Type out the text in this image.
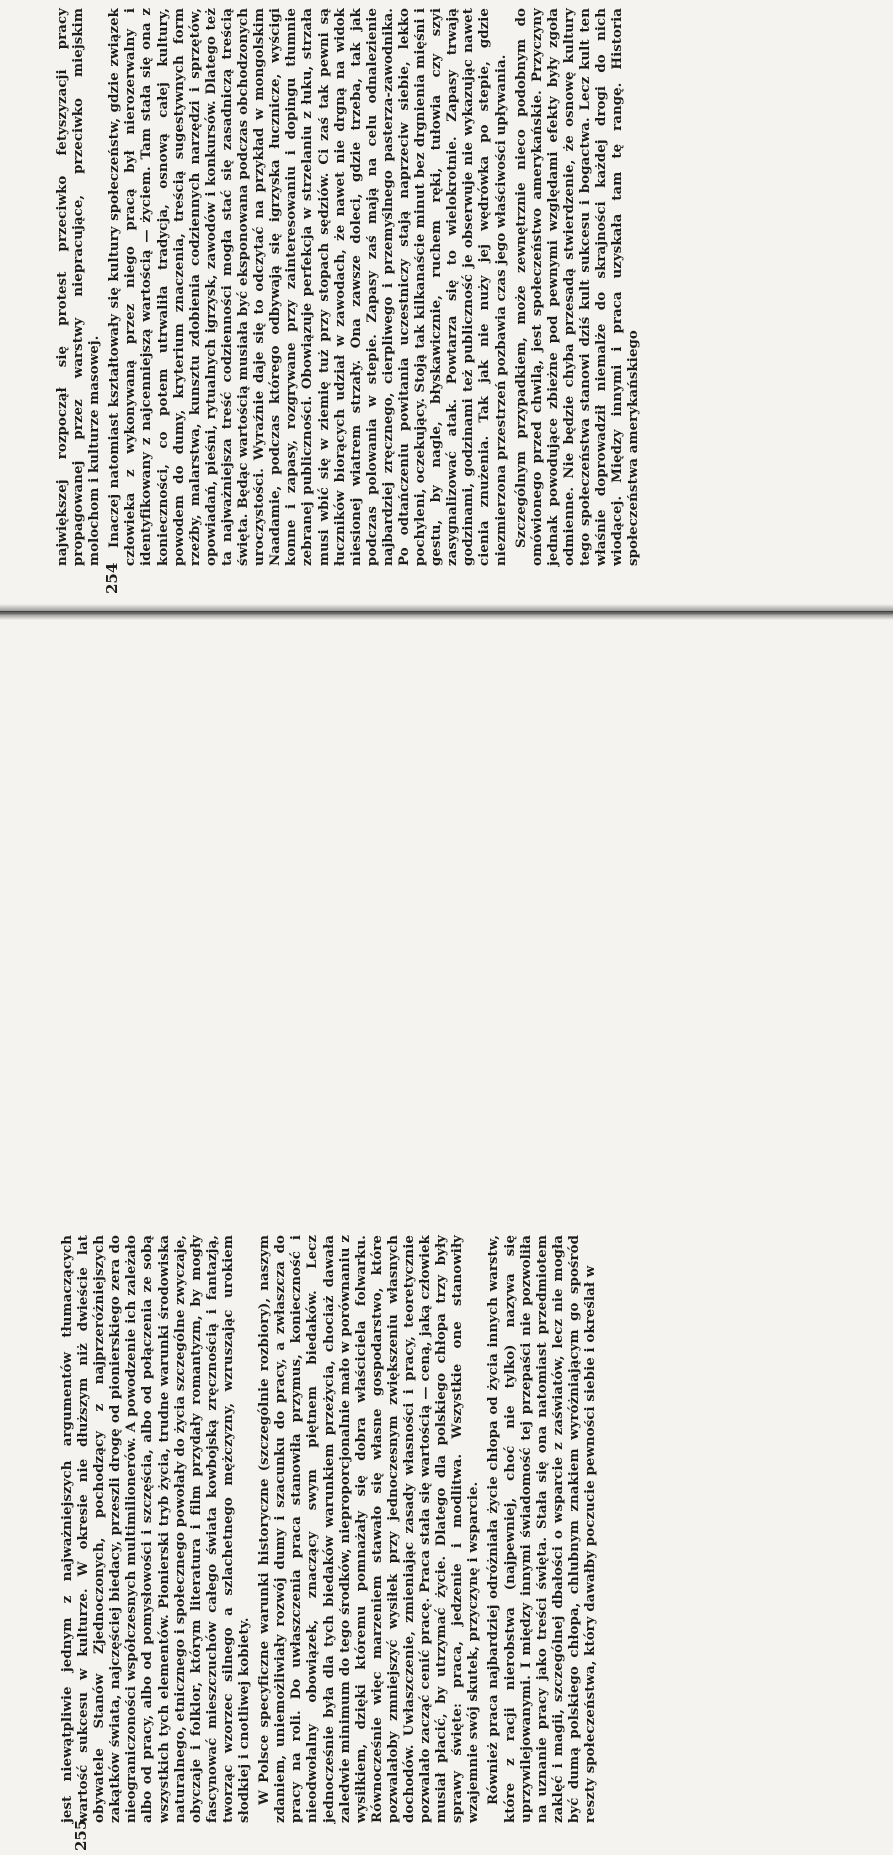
254

największej rozpoczął się protest przeciwko fetyszyzacji pracy propagowanej przez warstwy niepracujące, przeciwko miejskim molochom i kulturze masowej. Inaczej natomiast kształtowały się kultury społeczeństw, gdzie związek człowieka z wykonywaną przez niego pracą był nierozerwalny i identyfikowany z najcenniejszą wartością — życiem. Tam stała się ona z konieczności, co potem utrwaliła tradycja, osnową całej kultury, powodem do dumy, kryterium znaczenia, treścią sugestywnych form rzeźby, malarstwa, kunsztu zdobienia codziennych narzędzi i sprzętów, opowiadań, pieśni, rytualnych igrzysk, zawodów i konkursów. Dlatego też ta najważniejsza treść codzienności mogła stać się zasadniczą treścią święta. Będąc wartością musiała być eksponowana podczas obchodzonych uroczystości. Wyraźnie daje się to odczytać na przykład w mongolskim Naadamie, podczas którego odbywają się igrzyska łucznicze, wyścigi konne i zapasy, rozgrywane przy zainteresowaniu i dopingu tłumnie zebranej publiczności. Obowiązuje perfekcja w strzelaniu z łuku, strzała musi wbić się w ziemię tuż przy stopach sędziów. Ci zaś tak pewni są łuczników biorących udział w zawodach, że nawet nie drgną na widok niesionej wiatrem strzały. Ona zawsze doleci, gdzie trzeba, tak jak podczas polowania w stepie. Zapasy zaś mają na celu odnalezienie najbardziej zręcznego, cierpliwego i przemyślnego pasterza-zawodnika. Po odtańczeniu powitania uczestniczy stają naprzeciw siebie, lekko pochyleni, oczekujący. Stoją tak kilkanaście minut bez drgnienia mięśni i gestu, by nagle, błyskawicznie, ruchem ręki, tułowia czy szyi zasygnalizować atak. Powtarza się to wielokrotnie. Zapasy trwają godzinami, godzinami też publiczność je obserwuje nie wykazując nawet cienia znużenia. Tak jak nie nuży jej wędrówka po stepie, gdzie niezmierzona przestrzeń pozbawia czas jego właściwości upływania. Szczególnym przypadkiem, może zewnętrznie nieco podobnym do omówionego przed chwilą, jest społeczeństwo amerykańskie. Przyczyny jednak powodujące zbieżne pod pewnymi względami efekty były zgoła odmienne. Nie będzie chyba przesadą stwierdzenie, że osnowę kultury tego społeczeństwa stanowi dziś kult sukcesu i bogactwa. Lecz kult ten właśnie doprowadził niemalże do skrajności każdej drogi do nich wiodącej. Między innymi i praca uzyskała tam tę rangę. Historia społeczeństwa amerykańskiego

255

jest niewątpliwie jednym z najważniejszych argumentów tłumaczących wartość sukcesu w kulturze. W okresie nie dłuższym niż dwieście lat obywatele Stanów Zjednoczonych, pochodzący z najprzeróżniejszych zakątków świata, najczęściej biedacy, przeszli drogę od pionierskiego zera do nieograniczoności współczesnych multimilionerów. A powodzenie ich zależało albo od pracy, albo od pomysłowości i szczęścia, albo od połączenia ze sobą wszystkich tych elementów. Pionierski tryb życia, trudne warunki środowiska naturalnego, etnicznego i społecznego powołały do życia szczególne zwyczaje, obyczaje i folklor, którym literatura i film przydały romantyzm, by mogły fascynować mieszczuchów całego świata kowbojską zręcznością i fantazją, tworząc wzorzec silnego a szlachetnego mężczyzny, wzruszając urokiem słodkiej i cnotliwej kobiety. W Polsce specyficzne warunki historyczne (szczególnie rozbiory), naszym zdaniem, uniemożliwiały rozwój dumy i szacunku do pracy, a zwłaszcza do pracy na roli. Do uwłaszczenia praca stanowiła przymus, konieczność i nieodwołalny obowiązek, znaczący swym piętnem biedaków. Lecz jednocześnie była dla tych biedaków warunkiem przeżycia, chociaż dawała zaledwie minimum do tego środków, nieproporcjonalnie mało w porównaniu z wysiłkiem, dzięki któremu pomnażały się dobra właściciela folwarku. Równocześnie więc marzeniem stawało się własne gospodarstwo, które pozwalałoby zmniejszyć wysiłek przy jednoczesnym zwiększeniu własnych dochodów. Uwłaszczenie, zmieniając zasady własności i pracy, teoretycznie pozwalało zacząć cenić pracę. Praca stała się wartością — ceną, jaką człowiek musiał płacić, by utrzymać życie. Dlatego dla polskiego chłopa trzy były sprawy święte: praca, jedzenie i modlitwa. Wszystkie one stanowiły wzajemnie swój skutek, przyczynę i wsparcie. Również praca najbardziej odróżniała życie chłopa od życia innych warstw, które z racji nierobstwa (najpewniej, choć nie tylko) nazywa się uprzywilejowanymi. I między innymi świadomość tej przepaści nie pozwoliła na uznanie pracy jako treści święta. Stała się ona natomiast przedmiotem zaklęć i magii, szczególnej dbałości o wsparcie z zaświatów, lecz nie mogła być dumą polskiego chłopa, chlubnym znakiem wyróżniającym go spośród reszty społeczeństwa, który dawałby poczucie pewności siebie i określał w
